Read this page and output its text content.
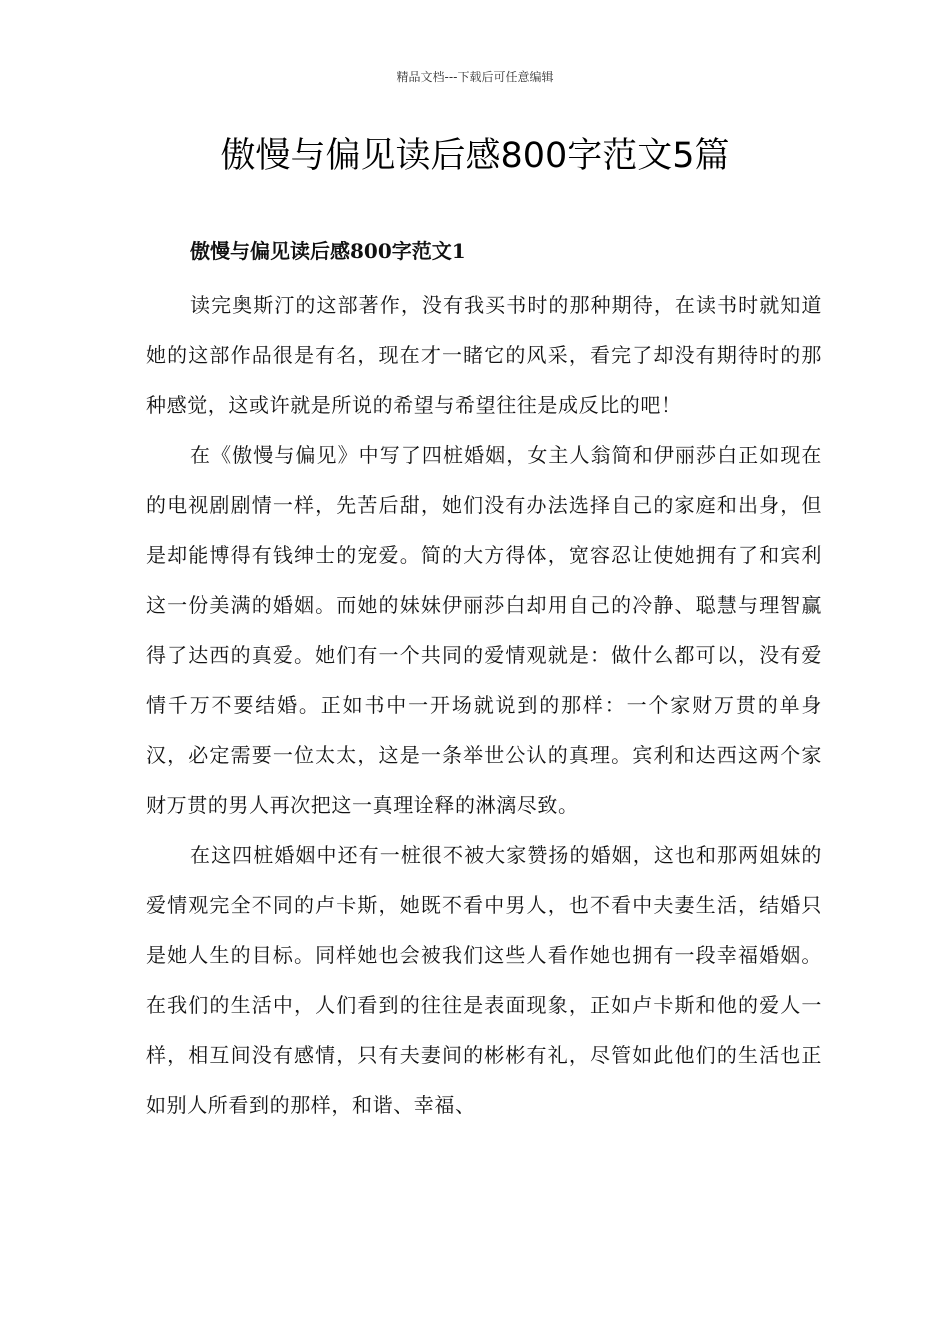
精品文档---下载后可任意编辑
傲慢与偏见读后感800字范文5篇
傲慢与偏见读后感800字范文1

读完奥斯汀的这部著作，没有我买书时的那种期待，在读书时就知道她的这部作品很是有名，现在才一睹它的风采，看完了却没有期待时的那种感觉，这或许就是所说的希望与希望往往是成反比的吧！

在《傲慢与偏见》中写了四桩婚姻，女主人翁简和伊丽莎白正如现在的电视剧剧情一样，先苦后甜，她们没有办法选择自己的家庭和出身，但是却能博得有钱绅士的宠爱。简的大方得体，宽容忍让使她拥有了和宾利这一份美满的婚姻。而她的妹妹伊丽莎白却用自己的冷静、聪慧与理智赢得了达西的真爱。她们有一个共同的爱情观就是：做什么都可以，没有爱情千万不要结婚。正如书中一开场就说到的那样：一个家财万贯的单身汉，必定需要一位太太，这是一条举世公认的真理。宾利和达西这两个家财万贯的男人再次把这一真理诠释的淋漓尽致。

在这四桩婚姻中还有一桩很不被大家赞扬的婚姻，这也和那两姐妹的爱情观完全不同的卢卡斯，她既不看中男人，也不看中夫妻生活，结婚只是她人生的目标。同样她也会被我们这些人看作她也拥有一段幸福婚姻。在我们的生活中，人们看到的往往是表面现象，正如卢卡斯和他的爱人一样，相互间没有感情，只有夫妻间的彬彬有礼，尽管如此他们的生活也正如别人所看到的那样，和谐、幸福、
